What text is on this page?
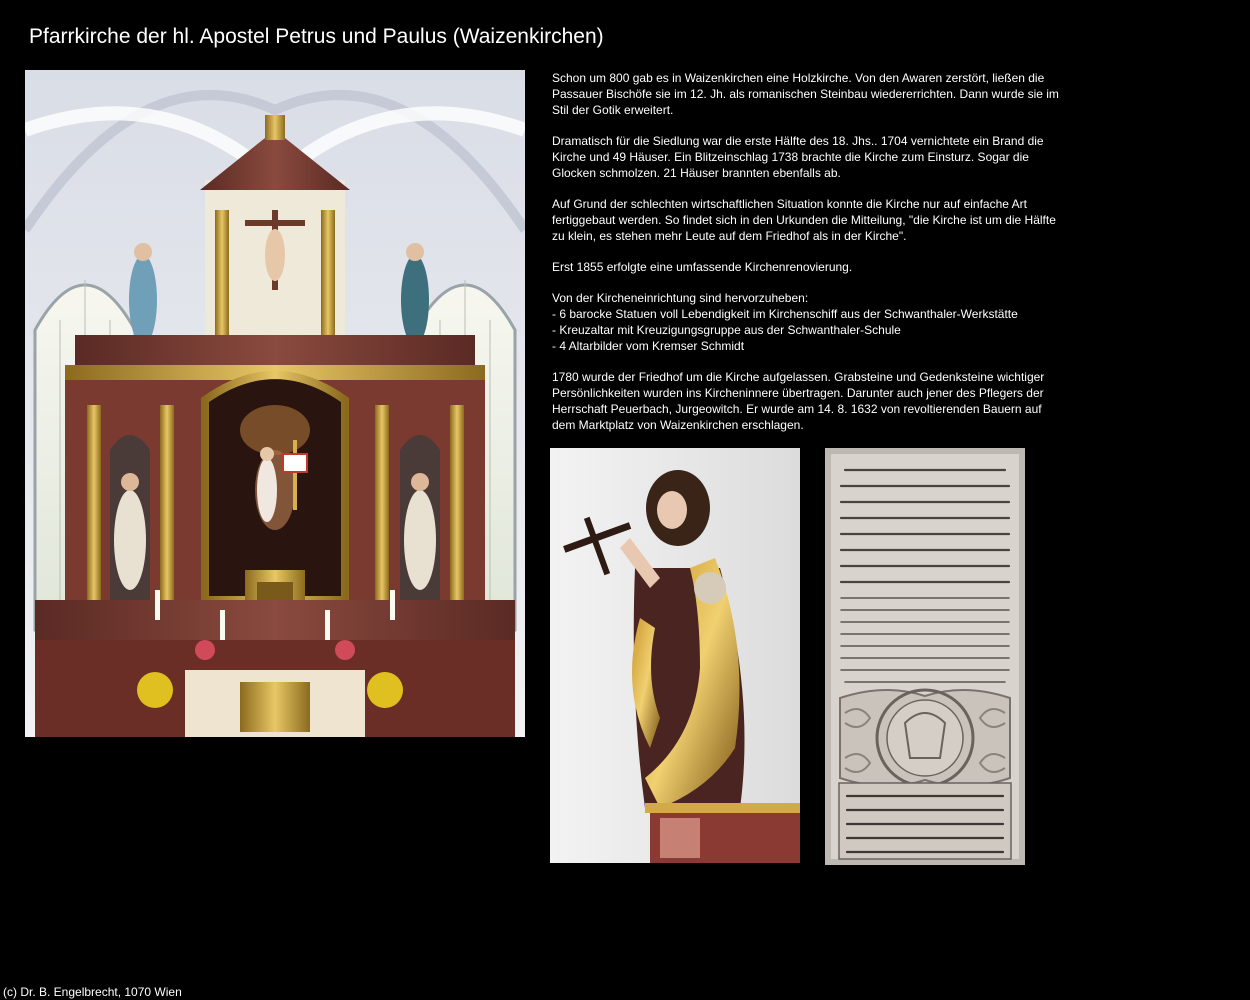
Pfarrkirche der hl. Apostel Petrus und Paulus (Waizenkirchen)

Schon um 800 gab es in Waizenkirchen eine Holzkirche. Von den Awaren zerstört, ließen die Passauer Bischöfe sie im 12. Jh. als romanischen Steinbau wiedererrichten. Dann wurde sie im Stil der Gotik erweitert.

Dramatisch für die Siedlung war die erste Hälfte des 18. Jhs.. 1704 vernichtete ein Brand die Kirche und 49 Häuser. Ein Blitzeinschlag 1738 brachte die Kirche zum Einsturz. Sogar die Glocken schmolzen. 21 Häuser brannten ebenfalls ab.

Auf Grund der schlechten wirtschaftlichen Situation konnte die Kirche nur auf einfache Art fertiggebaut werden. So findet sich in den Urkunden die Mitteilung, "die Kirche ist um die Hälfte zu klein, es stehen mehr Leute auf dem Friedhof als in der Kirche".

Erst 1855 erfolgte eine umfassende Kirchenrenovierung.

Von der Kircheneinrichtung sind hervorzuheben:

- 6 barocke Statuen voll Lebendigkeit im Kirchenschiff aus der Schwanthaler-Werkstätte
- Kreuzaltar mit Kreuzigungsgruppe aus der Schwanthaler-Schule
- 4 Altarbilder vom Kremser Schmidt

1780 wurde der Friedhof um die Kirche aufgelassen. Grabsteine und Gedenksteine wichtiger Persönlichkeiten wurden ins Kircheninnere übertragen. Darunter auch jener des Pflegers der Herrschaft Peuerbach, Jurgeowitch. Er wurde am 14. 8. 1632 von revoltierenden Bauern auf dem Marktplatz von Waizenkirchen erschlagen.

(c) Dr. B. Engelbrecht, 1070 Wien
